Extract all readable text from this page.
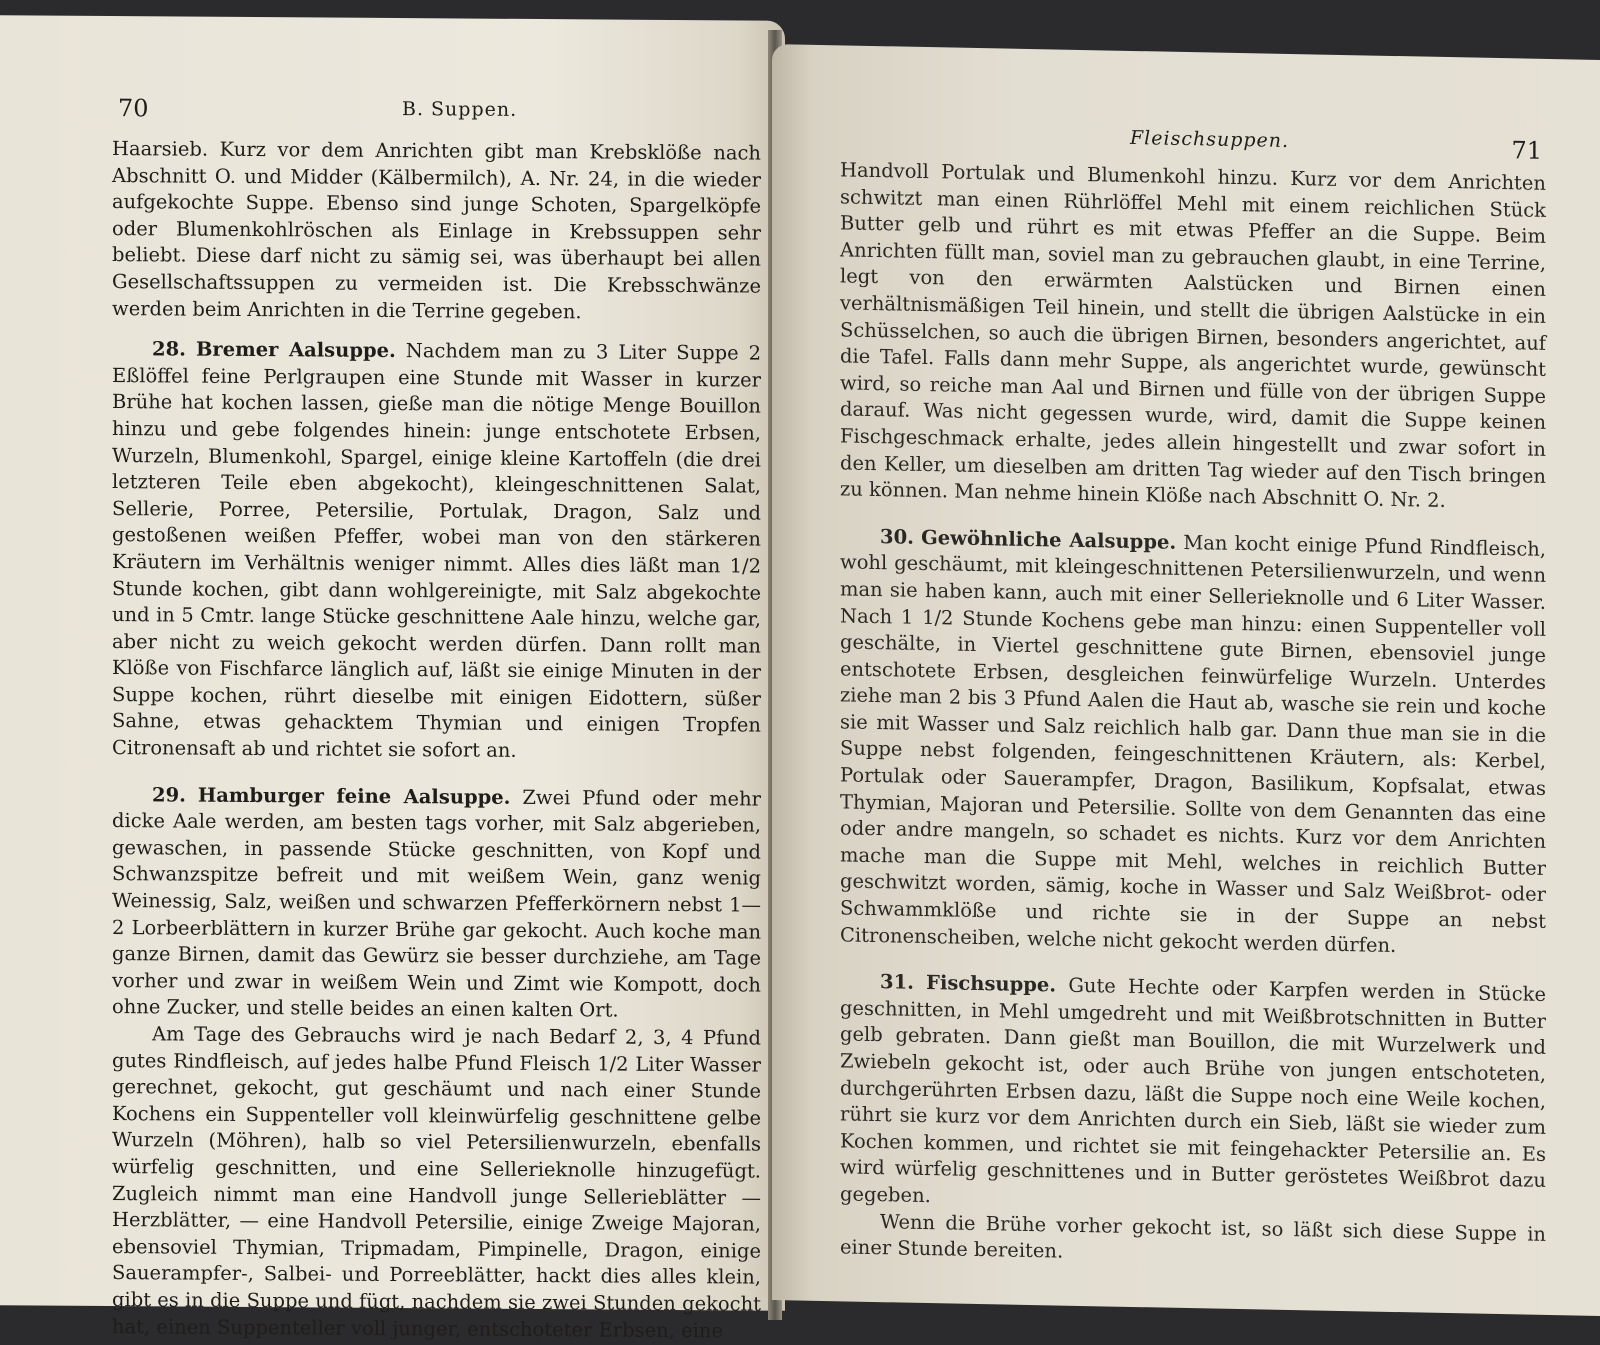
70	B. Suppen.

Haarsieb. Kurz vor dem Anrichten gibt man Krebsklöße nach Abschnitt O. und Midder (Kälbermilch), A. Nr. 24, in die wieder aufgekochte Suppe. Ebenso sind junge Schoten, Spargelköpfe oder Blumenkohlröschen als Einlage in Krebssuppen sehr beliebt. Diese darf nicht zu sämig sei, was überhaupt bei allen Gesellschaftssuppen zu vermeiden ist. Die Krebsschwänze werden beim Anrichten in die Terrine gegeben.

28. Bremer Aalsuppe. Nachdem man zu 3 Liter Suppe 2 Eßlöffel feine Perlgraupen eine Stunde mit Wasser in kurzer Brühe hat kochen lassen, gieße man die nötige Menge Bouillon hinzu und gebe folgendes hinein: junge entschotete Erbsen, Wurzeln, Blumenkohl, Spargel, einige kleine Kartoffeln (die drei letzteren Teile eben abgekocht), kleingeschnittenen Salat, Sellerie, Porree, Petersilie, Portulak, Dragon, Salz und gestoßenen weißen Pfeffer, wobei man von den stärkeren Kräutern im Verhältnis weniger nimmt. Alles dies läßt man 1/2 Stunde kochen, gibt dann wohlgereinigte, mit Salz abgekochte und in 5 Cmtr. lange Stücke geschnittene Aale hinzu, welche gar, aber nicht zu weich gekocht werden dürfen. Dann rollt man Klöße von Fischfarce länglich auf, läßt sie einige Minuten in der Suppe kochen, rührt dieselbe mit einigen Eidottern, süßer Sahne, etwas gehacktem Thymian und einigen Tropfen Citronensaft ab und richtet sie sofort an.

29. Hamburger feine Aalsuppe. Zwei Pfund oder mehr dicke Aale werden, am besten tags vorher, mit Salz abgerieben, gewaschen, in passende Stücke geschnitten, von Kopf und Schwanzspitze befreit und mit weißem Wein, ganz wenig Weinessig, Salz, weißen und schwarzen Pfefferkörnern nebst 1—2 Lorbeerblättern in kurzer Brühe gar gekocht. Auch koche man ganze Birnen, damit das Gewürz sie besser durchziehe, am Tage vorher und zwar in weißem Wein und Zimt wie Kompott, doch ohne Zucker, und stelle beides an einen kalten Ort.

Am Tage des Gebrauchs wird je nach Bedarf 2, 3, 4 Pfund gutes Rindfleisch, auf jedes halbe Pfund Fleisch 1/2 Liter Wasser gerechnet, gekocht, gut geschäumt und nach einer Stunde Kochens ein Suppenteller voll kleinwürfelig geschnittene gelbe Wurzeln (Möhren), halb so viel Petersilienwurzeln, ebenfalls würfelig geschnitten, und eine Sellerieknolle hinzugefügt. Zugleich nimmt man eine Handvoll junge Sellerieblätter — Herzblätter, — eine Handvoll Petersilie, einige Zweige Majoran, ebensoviel Thymian, Tripmadam, Pimpinelle, Dragon, einige Sauerampfer-, Salbei- und Porreeblätter, hackt dies alles klein, gibt es in die Suppe und fügt, nachdem sie zwei Stunden gekocht hat, einen Suppenteller voll junger, entschoteter Erbsen, eine

Fleischsuppen.	71

Handvoll Portulak und Blumenkohl hinzu. Kurz vor dem Anrichten schwitzt man einen Rührlöffel Mehl mit einem reichlichen Stück Butter gelb und rührt es mit etwas Pfeffer an die Suppe. Beim Anrichten füllt man, soviel man zu gebrauchen glaubt, in eine Terrine, legt von den erwärmten Aalstücken und Birnen einen verhältnismäßigen Teil hinein, und stellt die übrigen Aalstücke in ein Schüsselchen, so auch die übrigen Birnen, besonders angerichtet, auf die Tafel. Falls dann mehr Suppe, als angerichtet wurde, gewünscht wird, so reiche man Aal und Birnen und fülle von der übrigen Suppe darauf. Was nicht gegessen wurde, wird, damit die Suppe keinen Fischgeschmack erhalte, jedes allein hingestellt und zwar sofort in den Keller, um dieselben am dritten Tag wieder auf den Tisch bringen zu können. Man nehme hinein Klöße nach Abschnitt O. Nr. 2.

30. Gewöhnliche Aalsuppe. Man kocht einige Pfund Rindfleisch, wohl geschäumt, mit kleingeschnittenen Petersilienwurzeln, und wenn man sie haben kann, auch mit einer Sellerieknolle und 6 Liter Wasser. Nach 1 1/2 Stunde Kochens gebe man hinzu: einen Suppenteller voll geschälte, in Viertel geschnittene gute Birnen, ebensoviel junge entschotete Erbsen, desgleichen feinwürfelige Wurzeln. Unterdes ziehe man 2 bis 3 Pfund Aalen die Haut ab, wasche sie rein und koche sie mit Wasser und Salz reichlich halb gar. Dann thue man sie in die Suppe nebst folgenden, feingeschnittenen Kräutern, als: Kerbel, Portulak oder Sauerampfer, Dragon, Basilikum, Kopfsalat, etwas Thymian, Majoran und Petersilie. Sollte von dem Genannten das eine oder andre mangeln, so schadet es nichts. Kurz vor dem Anrichten mache man die Suppe mit Mehl, welches in reichlich Butter geschwitzt worden, sämig, koche in Wasser und Salz Weißbrot- oder Schwammklöße und richte sie in der Suppe an nebst Citronenscheiben, welche nicht gekocht werden dürfen.

31. Fischsuppe. Gute Hechte oder Karpfen werden in Stücke geschnitten, in Mehl umgedreht und mit Weißbrotschnitten in Butter gelb gebraten. Dann gießt man Bouillon, die mit Wurzelwerk und Zwiebeln gekocht ist, oder auch Brühe von jungen entschoteten, durchgerührten Erbsen dazu, läßt die Suppe noch eine Weile kochen, rührt sie kurz vor dem Anrichten durch ein Sieb, läßt sie wieder zum Kochen kommen, und richtet sie mit feingehackter Petersilie an. Es wird würfelig geschnittenes und in Butter geröstetes Weißbrot dazu gegeben.

Wenn die Brühe vorher gekocht ist, so läßt sich diese Suppe in einer Stunde bereiten.
